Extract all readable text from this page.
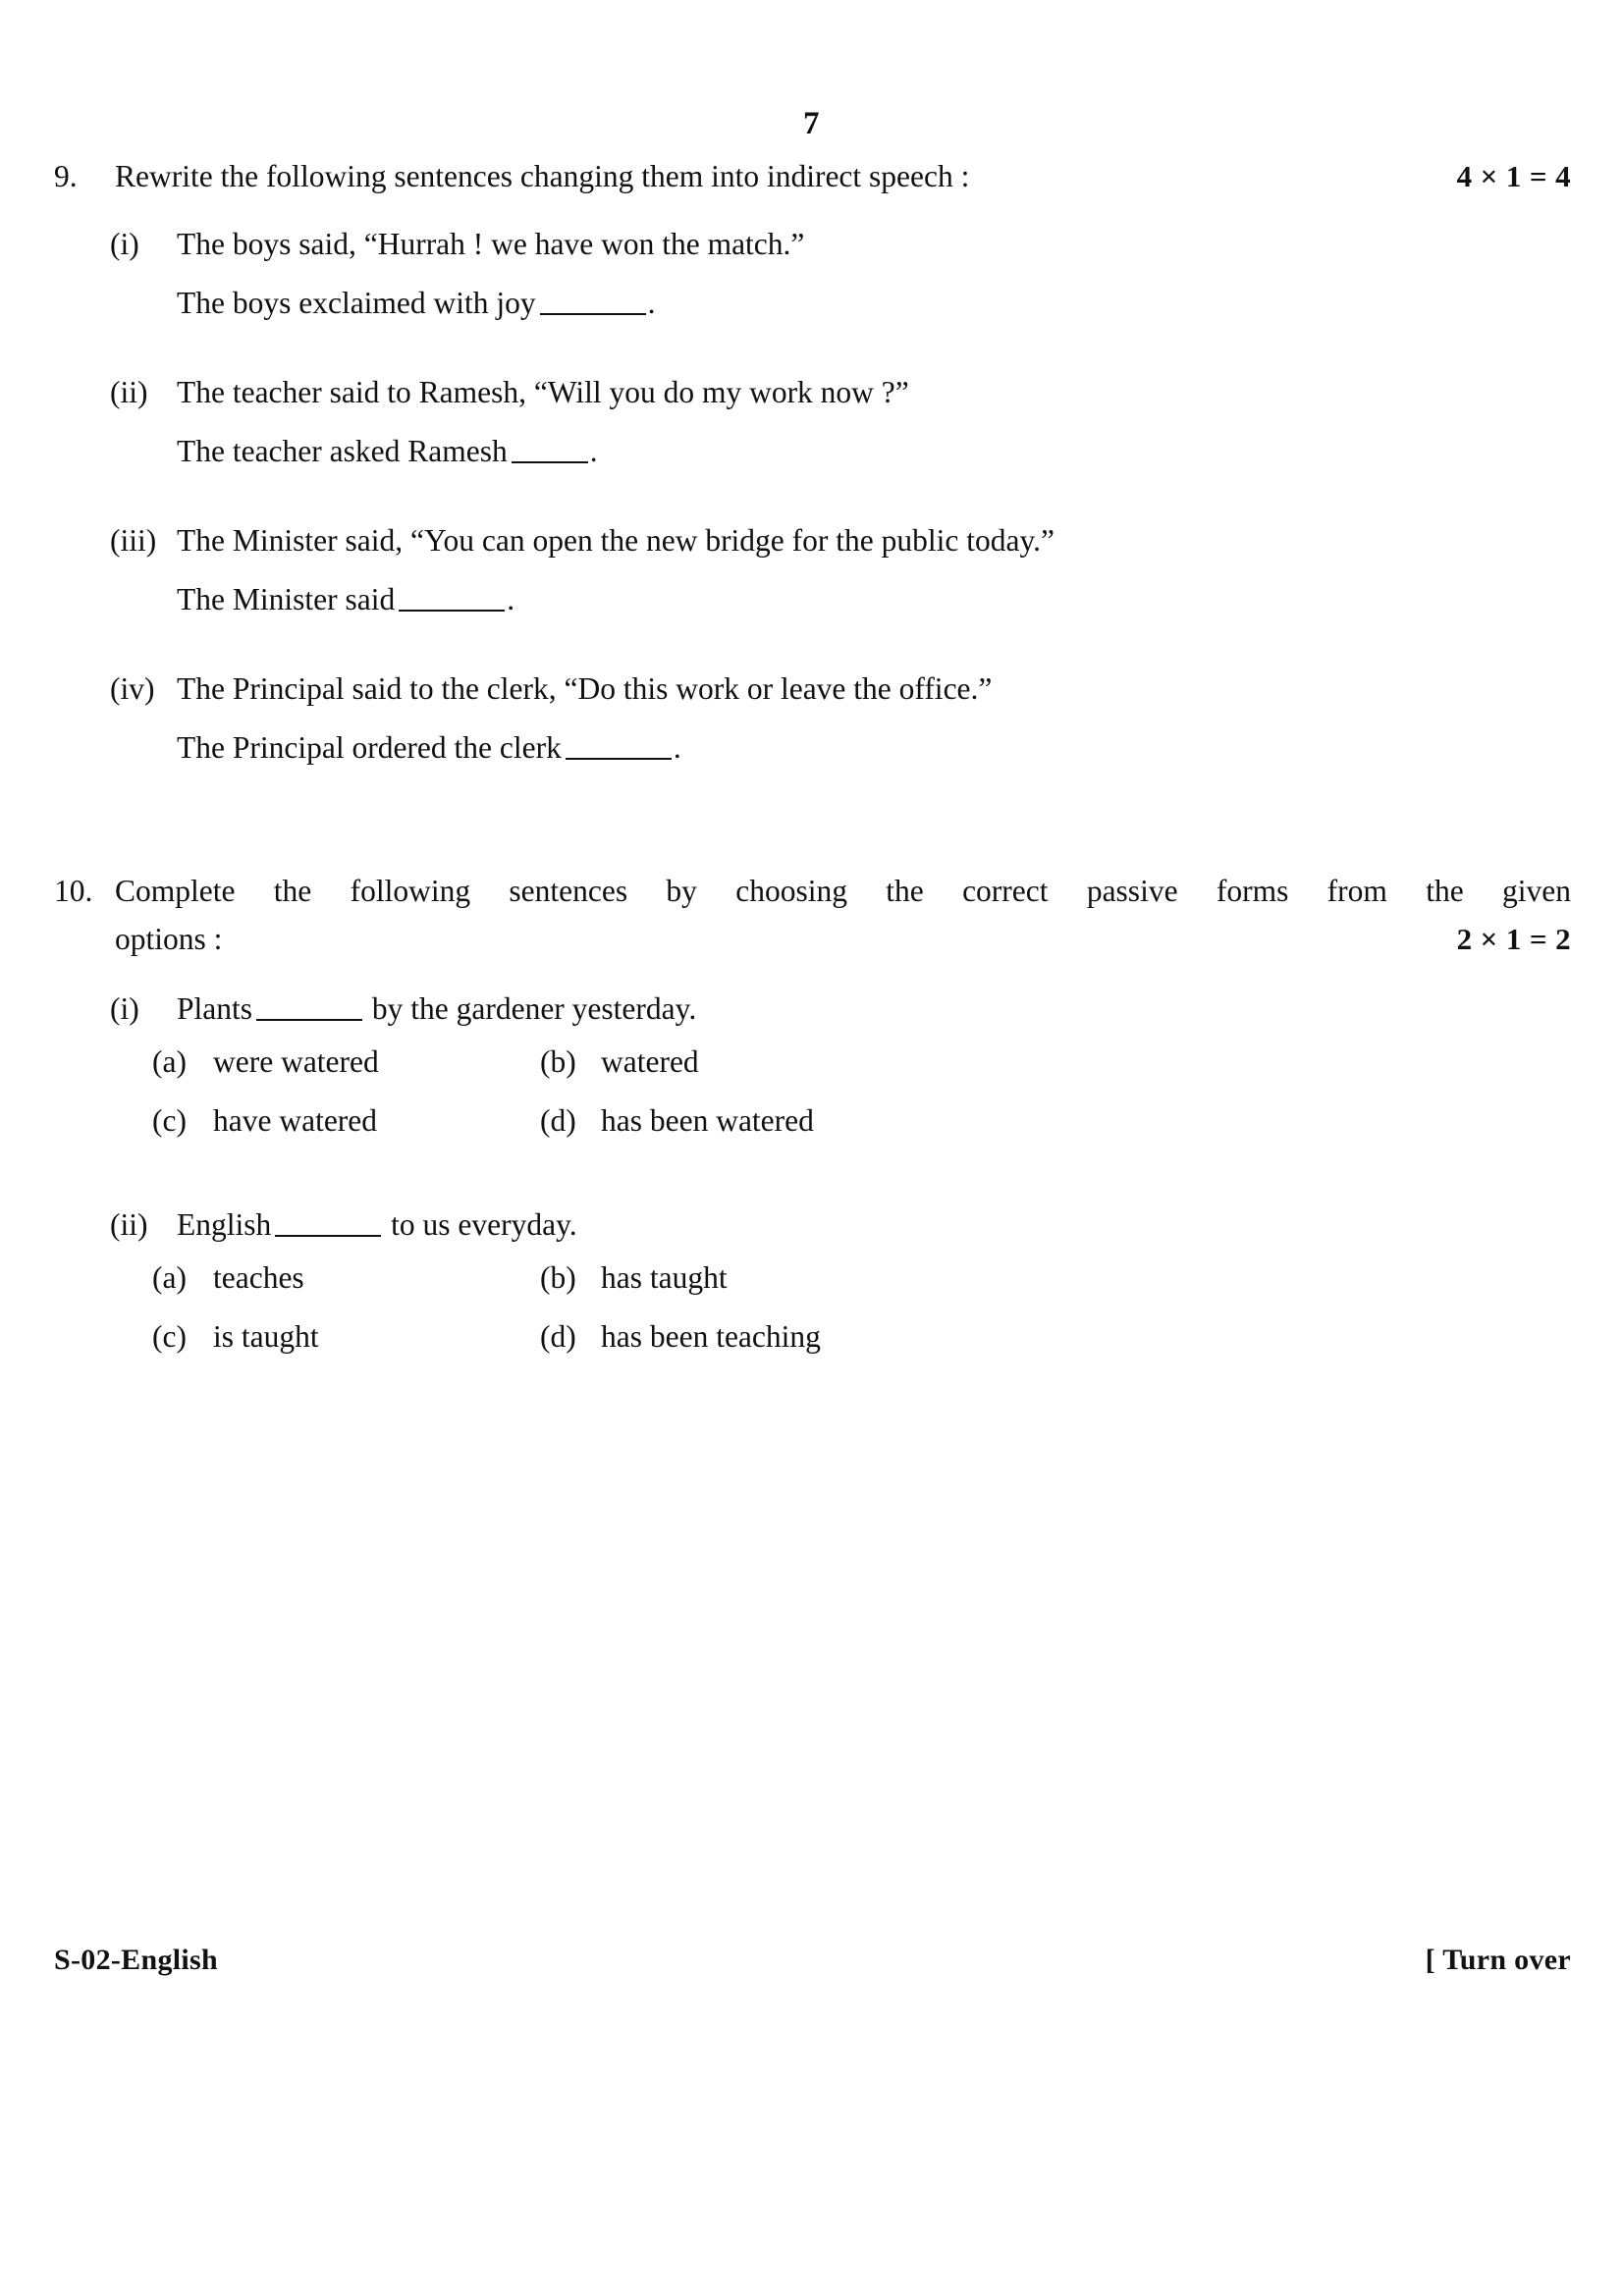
7
9.	Rewrite the following sentences changing them into indirect speech :	4 × 1 = 4
(i)	The boys said, “Hurrah ! we have won the match.”
The boys exclaimed with joy	.
(ii) The teacher said to Ramesh, “Will you do my work now ?”
The teacher asked Ramesh	.
(iii) The Minister said, “You can open the new bridge for the public today.”
The Minister said	.
(iv) The Principal said to the clerk, “Do this work or leave the office.”
The Principal ordered the clerk	.
10. Complete the following sentences by choosing the correct passive forms from the given
options :	2 × 1 = 2
(i)	Plants	by the gardener yesterday.
(a) were watered	(b) watered
(c) have watered	(d) has been watered
(ii) English	to us everyday.
(a) teaches	(b) has taught
(c) is taught	(d) has been teaching
S-02-English	[ Turn over
